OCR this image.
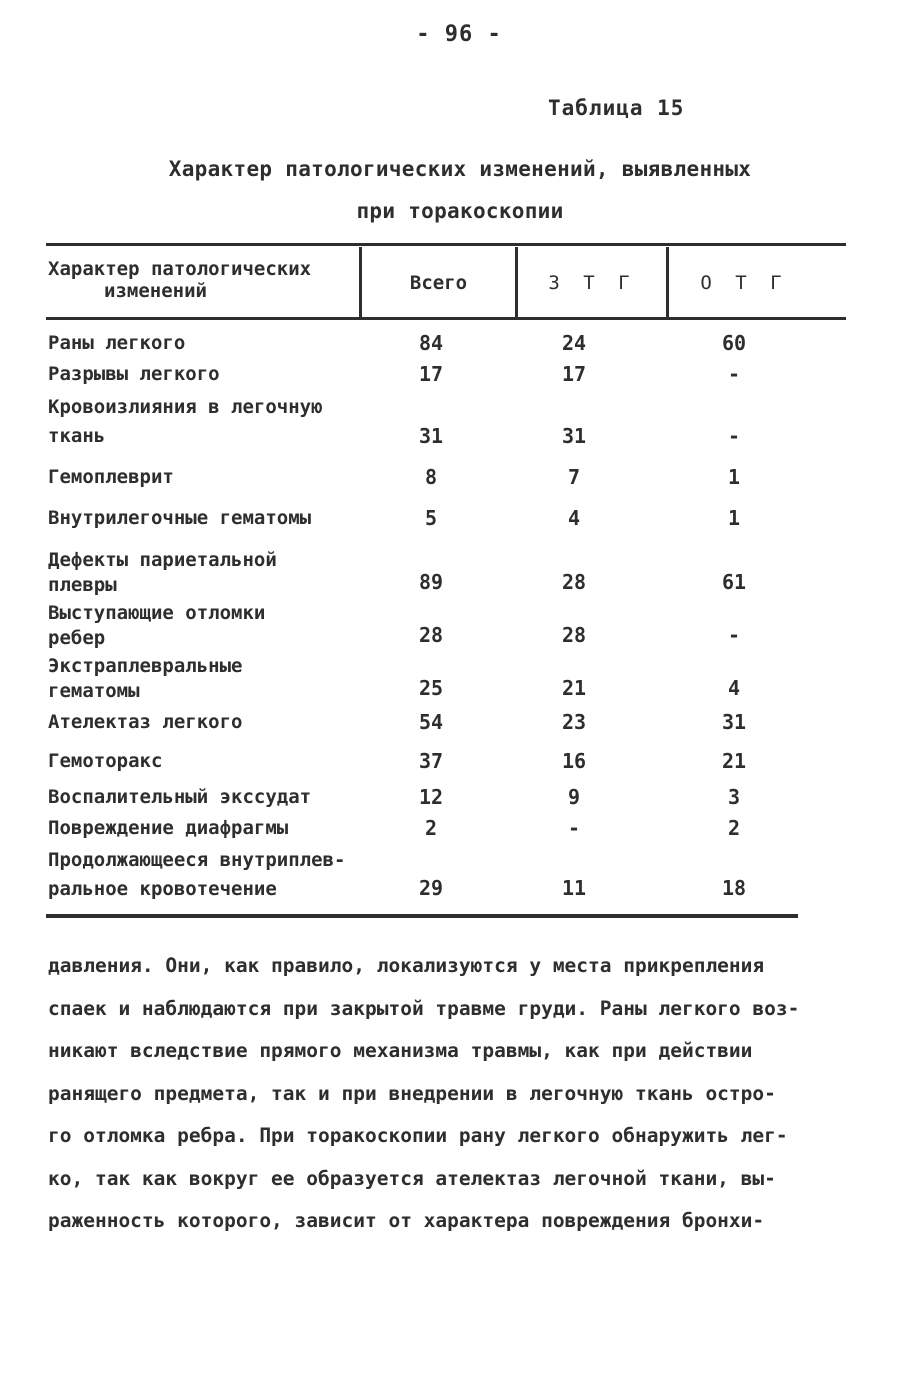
- 96 -
Таблица 15
Характер патологических изменений, выявленных
при торакоскопии
Характер патологических
изменений	Всего	З Т Г	О Т Г
Раны легкого	84	24	60
Разрывы легкого	17	17	-
Кровоизлияния в легочную
ткань	31	31	-
Гемоплеврит	8	7	1
Внутрилегочные гематомы	5	4	1
Дефекты париетальной
плевры	89	28	61
Выступающие отломки
ребер	28	28	-
Экстраплевральные
гематомы	25	21	4
Ателектаз легкого	54	23	31
Гемоторакс	37	16	21
Воспалительный экссудат	12	9	3
Повреждение диафрагмы	2	-	2
Продолжающееся внутриплев-
ральное кровотечение	29	11	18
давления. Они, как правило, локализуются у места прикрепления
спаек и наблюдаются при закрытой травме груди. Раны легкого воз-
никают вследствие прямого механизма травмы, как при действии
ранящего предмета, так и при внедрении в легочную ткань остро-
го отломка ребра. При торакоскопии рану легкого обнаружить лег-
ко, так как вокруг ее образуется ателектаз легочной ткани, вы-
раженность которого, зависит от характера повреждения бронхи-
